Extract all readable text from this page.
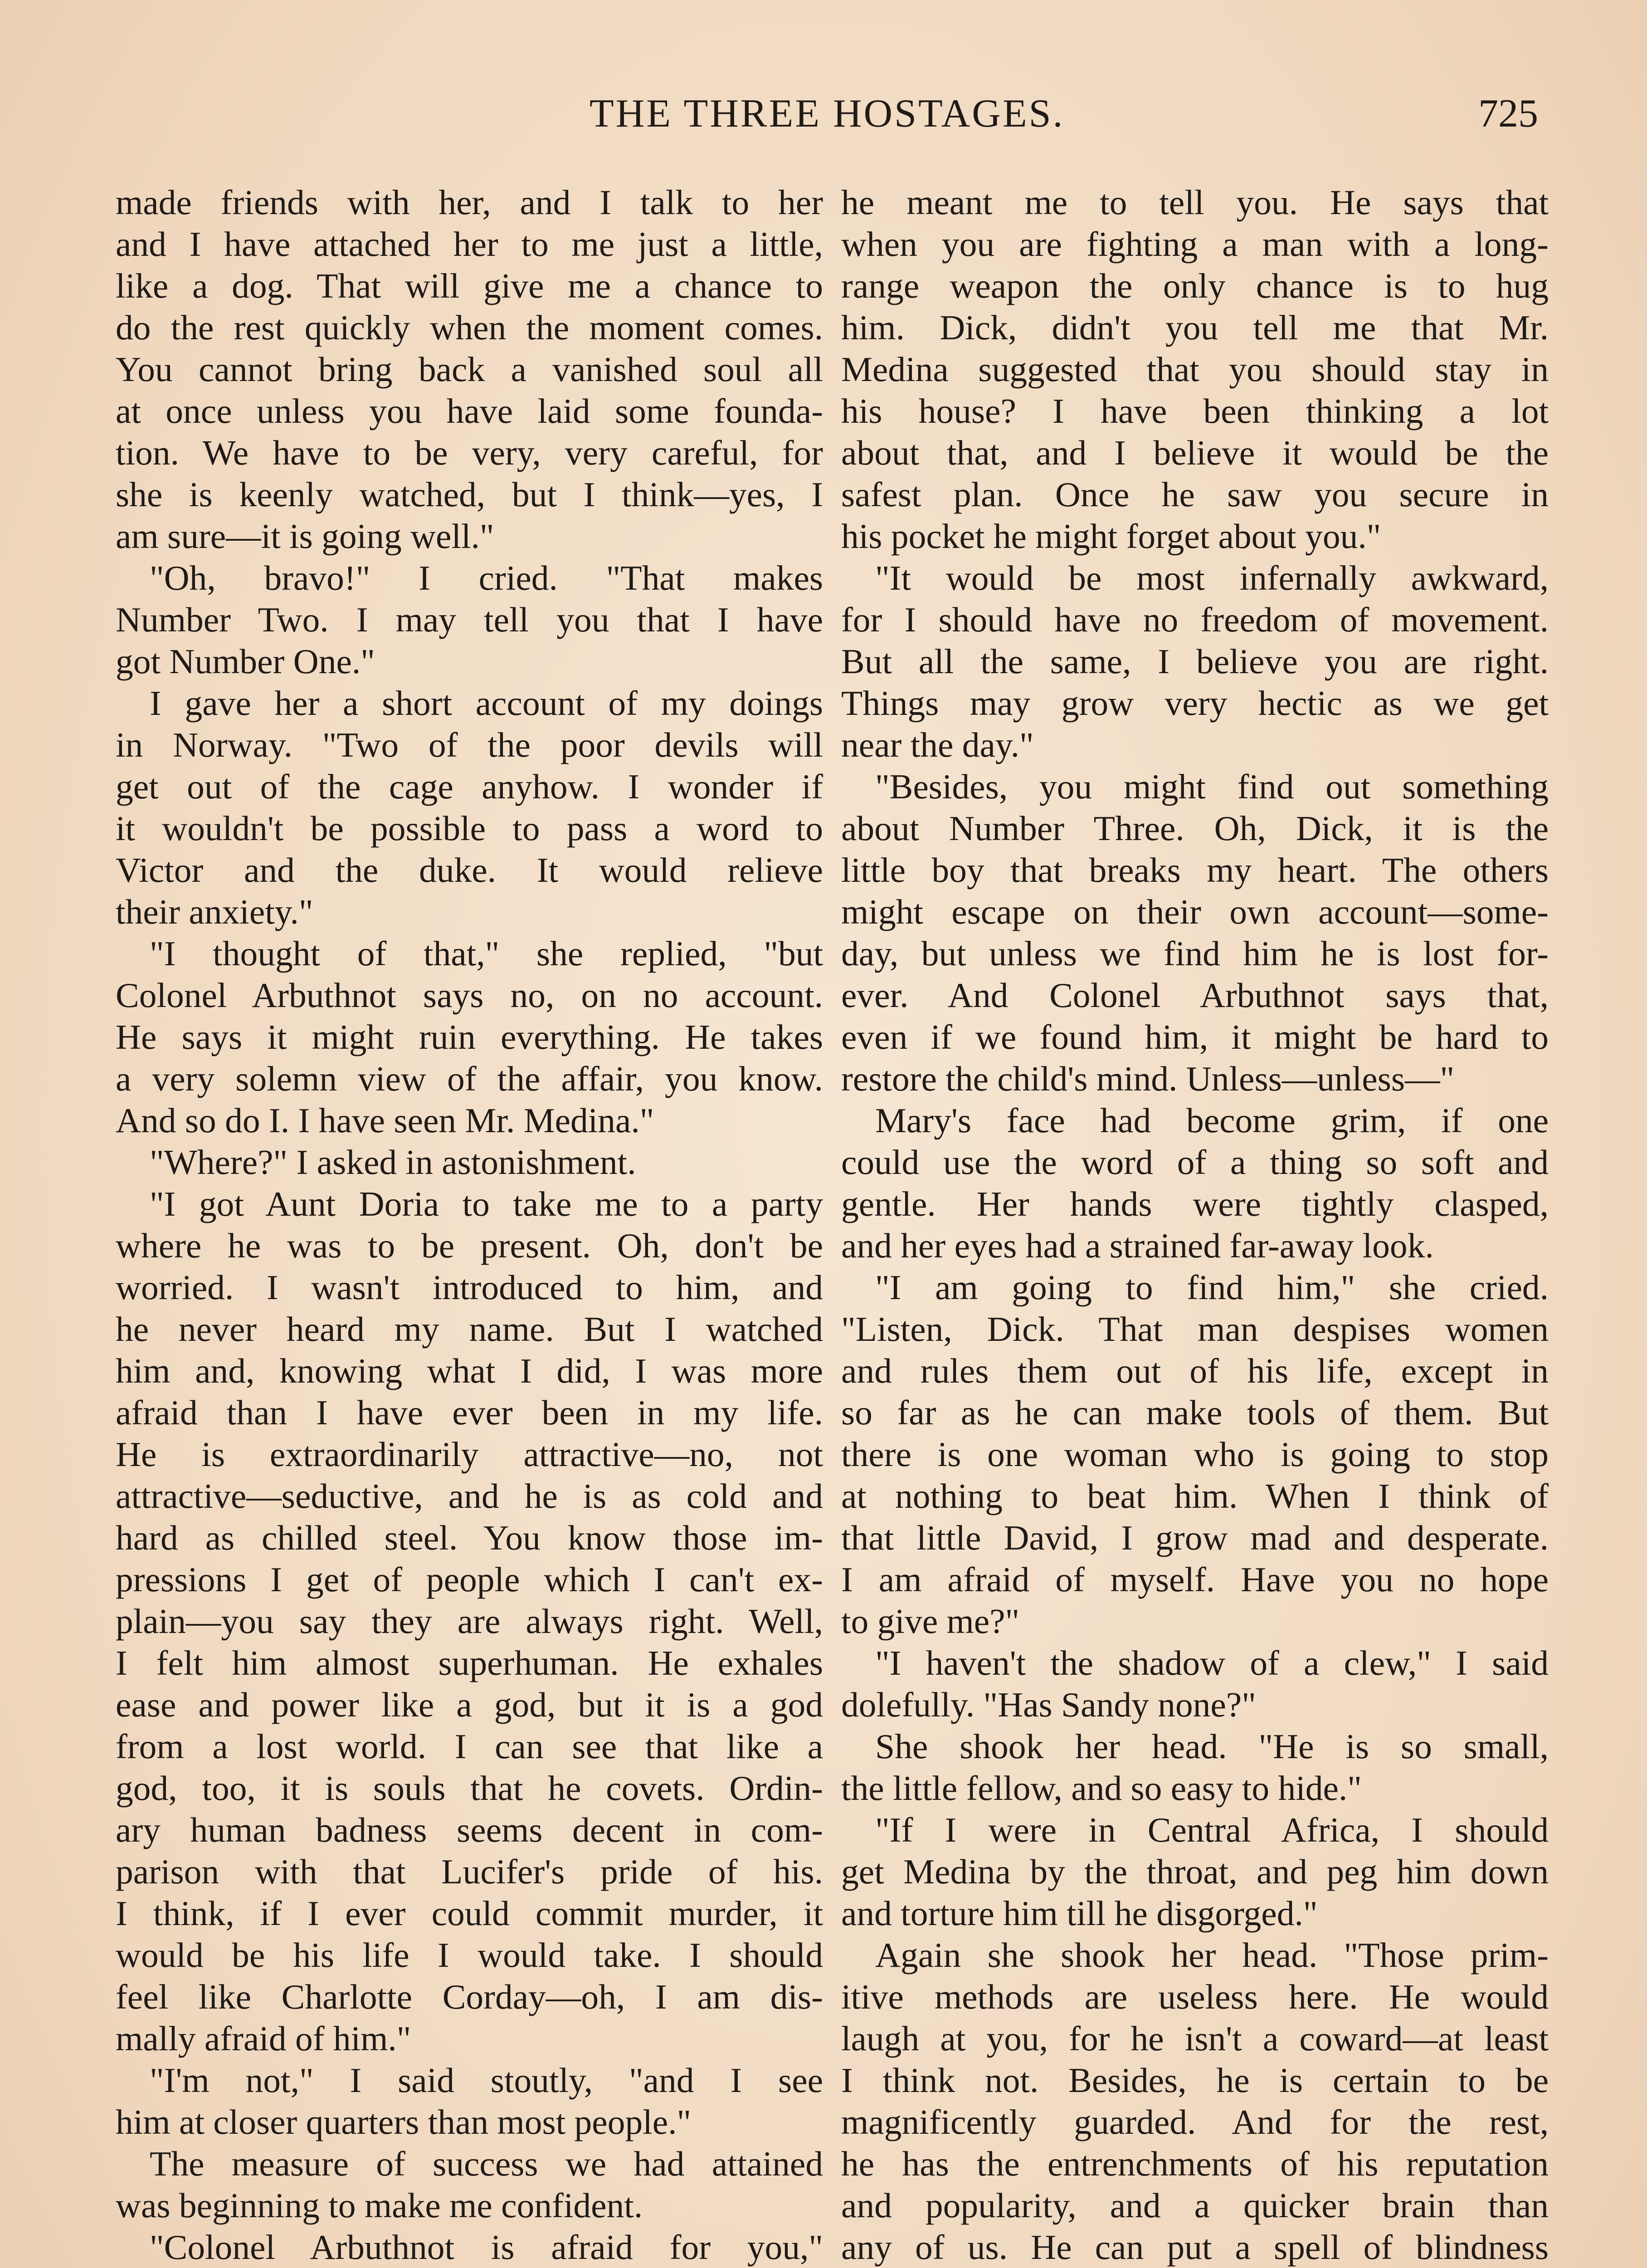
THE THREE HOSTAGES.	725
made friends with her, and I talk to her
and I have attached her to me just a little,
like a dog. That will give me a chance to
do the rest quickly when the moment comes.
You cannot bring back a vanished soul all
at once unless you have laid some founda-
tion. We have to be very, very careful, for
she is keenly watched, but I think—yes, I
am sure—it is going well."
"Oh, bravo!" I cried. "That makes
Number Two. I may tell you that I have
got Number One."
I gave her a short account of my doings
in Norway. "Two of the poor devils will
get out of the cage anyhow. I wonder if
it wouldn't be possible to pass a word to
Victor and the duke. It would relieve
their anxiety."
"I thought of that," she replied, "but
Colonel Arbuthnot says no, on no account.
He says it might ruin everything. He takes
a very solemn view of the affair, you know.
And so do I. I have seen Mr. Medina."
"Where?" I asked in astonishment.
"I got Aunt Doria to take me to a party
where he was to be present. Oh, don't be
worried. I wasn't introduced to him, and
he never heard my name. But I watched
him and, knowing what I did, I was more
afraid than I have ever been in my life.
He is extraordinarily attractive—no, not
attractive—seductive, and he is as cold and
hard as chilled steel. You know those im-
pressions I get of people which I can't ex-
plain—you say they are always right. Well,
I felt him almost superhuman. He exhales
ease and power like a god, but it is a god
from a lost world. I can see that like a
god, too, it is souls that he covets. Ordin-
ary human badness seems decent in com-
parison with that Lucifer's pride of his.
I think, if I ever could commit murder, it
would be his life I would take. I should
feel like Charlotte Corday—oh, I am dis-
mally afraid of him."
"I'm not," I said stoutly, "and I see
him at closer quarters than most people."
The measure of success we had attained
was beginning to make me confident.
"Colonel Arbuthnot is afraid for you,"
he meant me to tell you. He says that
when you are fighting a man with a long-
range weapon the only chance is to hug
him. Dick, didn't you tell me that Mr.
Medina suggested that you should stay in
his house? I have been thinking a lot
about that, and I believe it would be the
safest plan. Once he saw you secure in
his pocket he might forget about you."
"It would be most infernally awkward,
for I should have no freedom of movement.
But all the same, I believe you are right.
Things may grow very hectic as we get
near the day."
"Besides, you might find out something
about Number Three. Oh, Dick, it is the
little boy that breaks my heart. The others
might escape on their own account—some-
day, but unless we find him he is lost for-
ever. And Colonel Arbuthnot says that,
even if we found him, it might be hard to
restore the child's mind. Unless—unless—"
Mary's face had become grim, if one
could use the word of a thing so soft and
gentle. Her hands were tightly clasped,
and her eyes had a strained far-away look.
"I am going to find him," she cried.
"Listen, Dick. That man despises women
and rules them out of his life, except in
so far as he can make tools of them. But
there is one woman who is going to stop
at nothing to beat him. When I think of
that little David, I grow mad and desperate.
I am afraid of myself. Have you no hope
to give me?"
"I haven't the shadow of a clew," I said
dolefully. "Has Sandy none?"
She shook her head. "He is so small,
the little fellow, and so easy to hide."
"If I were in Central Africa, I should
get Medina by the throat, and peg him down
and torture him till he disgorged."
Again she shook her head. "Those prim-
itive methods are useless here. He would
laugh at you, for he isn't a coward—at least
I think not. Besides, he is certain to be
magnificently guarded. And for the rest,
he has the entrenchments of his reputation
and popularity, and a quicker brain than
any of us. He can put a spell of blindness
